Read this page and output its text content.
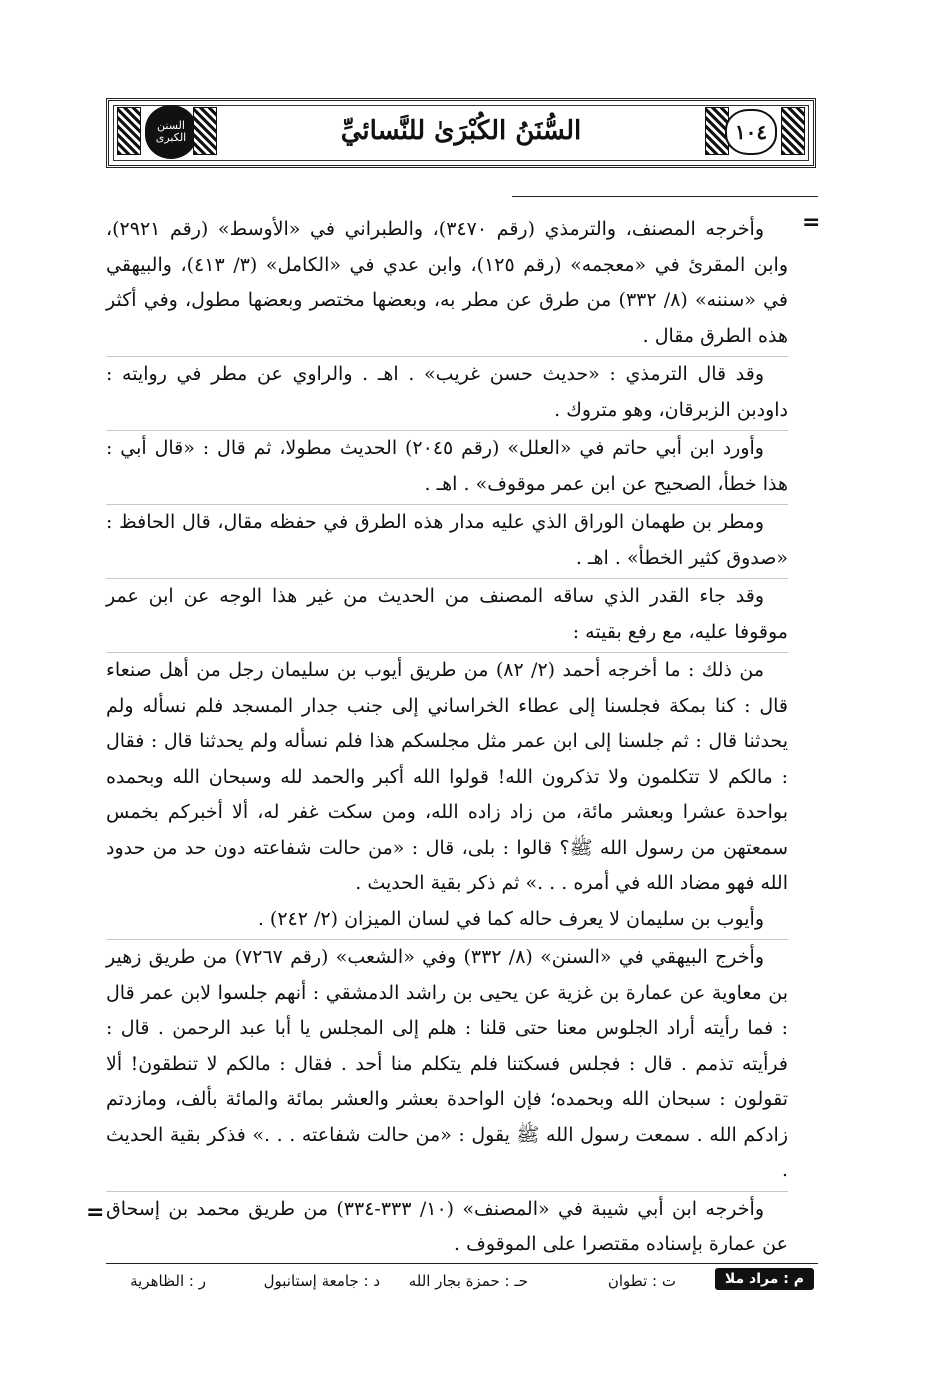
السنن الكبرى	السُّنَنُ الكُبْرَىٰ للنَّسائيِّ	١٠٤
=

وأخرجه المصنف، والترمذي (رقم ٣٤٧٠)، والطبراني في «الأوسط» (رقم ٢٩٢١)، وابن المقرئ في «معجمه» (رقم ١٢٥)، وابن عدي في «الكامل» (٣/ ٤١٣)، والبيهقي في «سننه» (٨/ ٣٣٢) من طرق عن مطر به، وبعضها مختصر وبعضها مطول، وفي أكثر هذه الطرق مقال .

وقد قال الترمذي : «حديث حسن غريب» . اهـ . والراوي عن مطر في روايته : داودبن الزبرقان، وهو متروك .

وأورد ابن أبي حاتم في «العلل» (رقم ٢٠٤٥) الحديث مطولا، ثم قال : «قال أبي : هذا خطأ، الصحيح عن ابن عمر موقوف» . اهـ .

ومطر بن طهمان الوراق الذي عليه مدار هذه الطرق في حفظه مقال، قال الحافظ : «صدوق كثير الخطأ» . اهـ .

وقد جاء القدر الذي ساقه المصنف من الحديث من غير هذا الوجه عن ابن عمر موقوفا عليه، مع رفع بقيته :

من ذلك : ما أخرجه أحمد (٢/ ٨٢) من طريق أيوب بن سليمان رجل من أهل صنعاء قال : كنا بمكة فجلسنا إلى عطاء الخراساني إلى جنب جدار المسجد فلم نسأله ولم يحدثنا قال : ثم جلسنا إلى ابن عمر مثل مجلسكم هذا فلم نسأله ولم يحدثنا قال : فقال : مالكم لا تتكلمون ولا تذكرون الله! قولوا الله أكبر والحمد لله وسبحان الله وبحمده بواحدة عشرا وبعشر مائة، من زاد زاده الله، ومن سكت غفر له، ألا أخبركم بخمس سمعتهن من رسول الله ﷺ؟ قالوا : بلى، قال : «من حالت شفاعته دون حد من حدود الله فهو مضاد الله في أمره . . .» ثم ذكر بقية الحديث .

وأيوب بن سليمان لا يعرف حاله كما في لسان الميزان (٢/ ٢٤٢) .

وأخرج البيهقي في «السنن» (٨/ ٣٣٢) وفي «الشعب» (رقم ٧٢٦٧) من طريق زهير بن معاوية عن عمارة بن غزية عن يحيى بن راشد الدمشقي : أنهم جلسوا لابن عمر قال : فما رأيته أراد الجلوس معنا حتى قلنا : هلم إلى المجلس يا أبا عبد الرحمن . قال : فرأيته تذمم . قال : فجلس فسكتنا فلم يتكلم منا أحد . فقال : مالكم لا تنطقون! ألا تقولون : سبحان الله وبحمده؛ فإن الواحدة بعشر والعشر بمائة والمائة بألف، ومازدتم زادكم الله . سمعت رسول الله ﷺ يقول : «من حالت شفاعته . . .» فذكر بقية الحديث .

وأخرجه ابن أبي شيبة في «المصنف» (١٠/ ٣٣٣-٣٣٤) من طريق محمد بن إسحاق عن عمارة بإسناده مقتصرا على الموقوف .

=
م : مراد ملا
ت : تطوان
حـ : حمزة بجار الله
د : جامعة إستانبول
ر : الظاهرية
